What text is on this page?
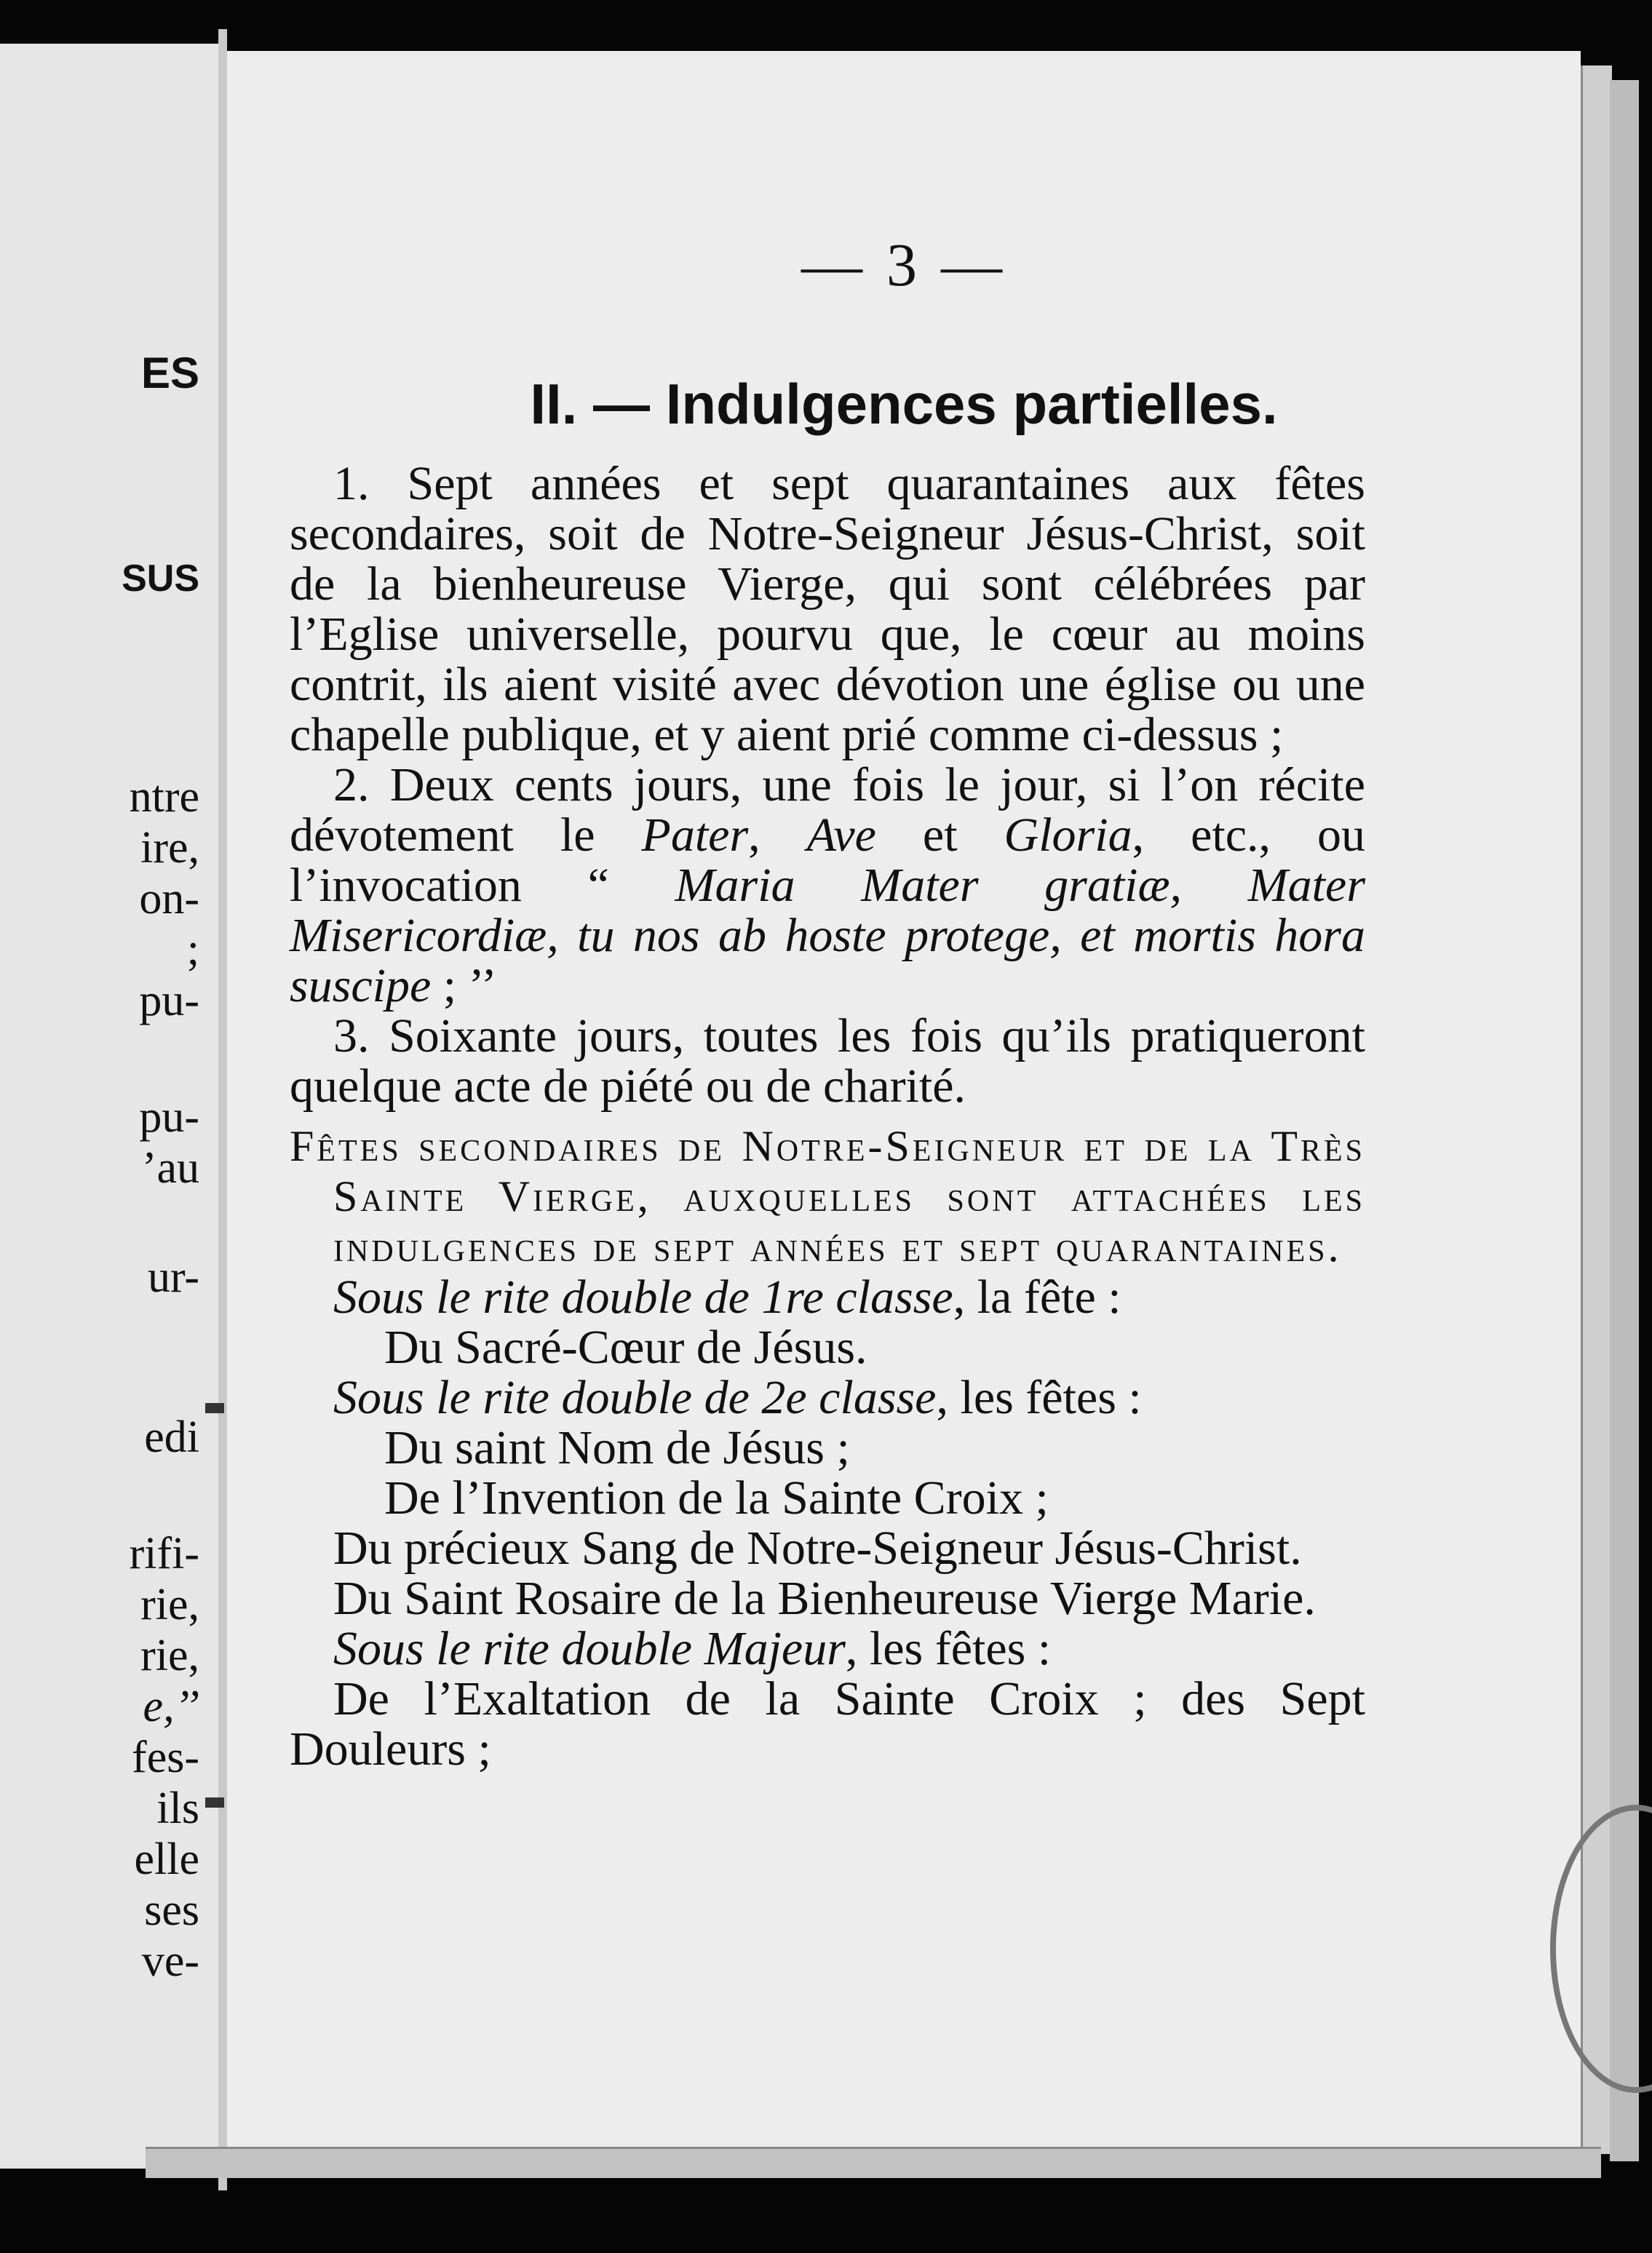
ES
SUS
ntre
ire,
on-
;
pu-
pu-
’au
ur-
edi
rifi-
rie,
rie,
e,’’
fes-
ils
elle
ses
ve-
— 3 —
II. — Indulgences partielles.

1. Sept années et sept quarantaines aux fêtes secondaires, soit de Notre-Seigneur Jésus-Christ, soit de la bienheureuse Vierge, qui sont célébrées par l’Eglise universelle, pourvu que, le cœur au moins contrit, ils aient visité avec dévotion une église ou une chapelle publique, et y aient prié comme ci-dessus ;

2. Deux cents jours, une fois le jour, si l’on récite dévotement le Pater, Ave et Gloria, etc., ou l’invocation “ Maria Mater gratiæ, Mater Misericordiæ, tu nos ab hoste protege, et mortis hora suscipe ; ’’

3. Soixante jours, toutes les fois qu’ils pratiqueront quelque acte de piété ou de charité.

Fêtes secondaires de Notre-Seigneur et de la Très Sainte Vierge, auxquelles sont attachées les indulgences de sept années et sept quarantaines.

Sous le rite double de 1re classe, la fête :

Du Sacré-Cœur de Jésus.

Sous le rite double de 2e classe, les fêtes :

Du saint Nom de Jésus ;

De l’Invention de la Sainte Croix ;

Du précieux Sang de Notre-Seigneur Jésus-Christ.

Du Saint Rosaire de la Bienheureuse Vierge Marie.

Sous le rite double Majeur, les fêtes :

De l’Exaltation de la Sainte Croix ; des Sept Douleurs ;
